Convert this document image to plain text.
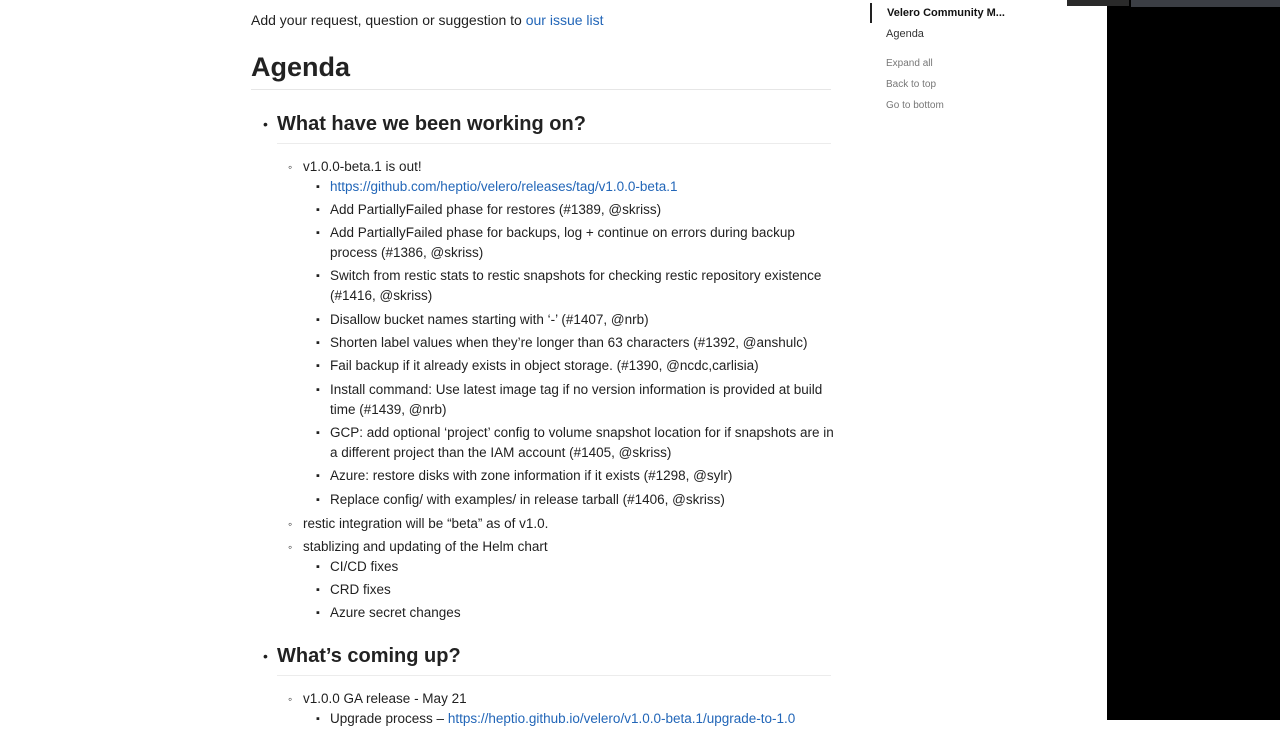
Add your request, question or suggestion to our issue list
Agenda
• What have we been working on?
◦ v1.0.0-beta.1 is out!
▪ https://github.com/heptio/velero/releases/tag/v1.0.0-beta.1
▪ Add PartiallyFailed phase for restores (#1389, @skriss)
▪ Add PartiallyFailed phase for backups, log + continue on errors during backup process (#1386, @skriss)
▪ Switch from restic stats to restic snapshots for checking restic repository existence (#1416, @skriss)
▪ Disallow bucket names starting with ‘-’ (#1407, @nrb)
▪ Shorten label values when they’re longer than 63 characters (#1392, @anshulc)
▪ Fail backup if it already exists in object storage. (#1390, @ncdc,carlisia)
▪ Install command: Use latest image tag if no version information is provided at build time (#1439, @nrb)
▪ GCP: add optional ‘project’ config to volume snapshot location for if snapshots are in a different project than the IAM account (#1405, @skriss)
▪ Azure: restore disks with zone information if it exists (#1298, @sylr)
▪ Replace config/ with examples/ in release tarball (#1406, @skriss)
◦ restic integration will be “beta” as of v1.0.
◦ stablizing and updating of the Helm chart
▪ CI/CD fixes
▪ CRD fixes
▪ Azure secret changes
• What’s coming up?
◦ v1.0.0 GA release - May 21
▪ Upgrade process – https://heptio.github.io/velero/v1.0.0-beta.1/upgrade-to-1.0
Velero Community M...
Agenda
Expand all
Back to top
Go to bottom
